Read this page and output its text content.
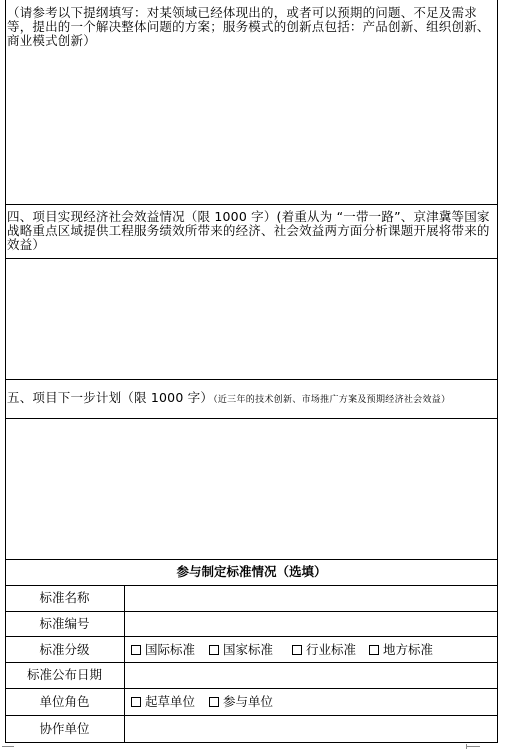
（请参考以下提纲填写：对某领域已经体现出的，或者可以预期的问题、不足及需求等，提出的一个解决整体问题的方案；服务模式的创新点包括：产品创新、组织创新、商业模式创新）
四、项目实现经济社会效益情况（限 1000 字）(着重从为 “一带一路”、京津冀等国家战略重点区域提供工程服务绩效所带来的经济、社会效益两方面分析课题开展将带来的效益）
五、项目下一步计划（限 1000 字）（近三年的技术创新、市场推广方案及预期经济社会效益）
参与制定标准情况（选填）
标准名称
标准编号
标准分级	国际标准 国家标准	行业标准 地方标准
标准公布日期
单位角色	起草单位 参与单位
协作单位
